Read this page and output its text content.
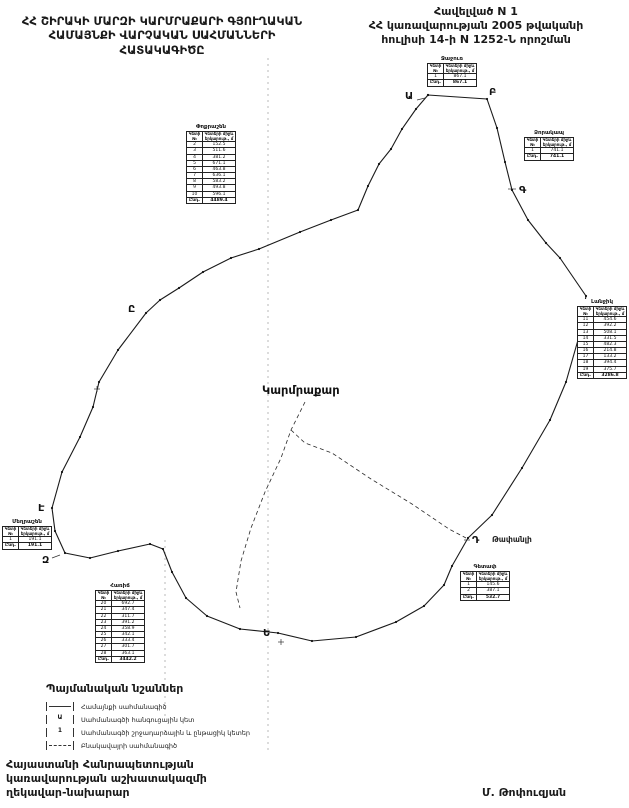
ՀՀ ՇԻՐԱԿԻ ՄԱՐԶԻ ԿԱՐՄՐԱՔԱՐԻ ԳՅՈՒՂԱԿԱՆ
ՀԱՄԱՅՆՔԻ ՎԱՐՉԱԿԱՆ ՍԱՀՄԱՆՆԵՐԻ
ՀԱՏԱԿԱԳԻԾԸ
Հավելված N 1
ՀՀ կառավարության 2005 թվականի
հուլիսի 14-ի N 1252-Ն որոշման
Ա	Բ
Գ
Դ
Ե
Զ
Է
Ը
Կարմրաքար
Թափանլի
Ջաջուռ
Կետի №	Կետերի միջև երկարութ., մ
1	867.1
Ընդ.	867.1
Փոքրաշեն
Կետի №	Կետերի միջև երկարութ., մ
2	152.5
3	511.6
4	381.2
5	671.1
6	463.8
7	636.1
8	583.2
9	493.8
10	596.1
Ընդ.	4489.4
Ձորակապ
Կետի №	Կետերի միջև երկարութ., մ
1	741.1
Ընդ.	741.1
Լանջիկ
Կետի №	Կետերի միջև երկարութ., մ
11	454.6
12	392.2
13	508.1
14	331.5
15	482.3
16	214.8
17	133.2
18	394.4
19	375.7
Ընդ.	3286.8
Մեղրաշեն
Կետի №	Կետերի միջև երկարութ., մ
1	191.1
Ընդ.	191.1
Գետափ
Կետի №	Կետերի միջև երկարութ., մ
1	145.6
2	387.1
Ընդ.	532.7
Հառիճ
Կետի №	Կետերի միջև երկարութ., մ
20	692.7
21	347.4
22	311.7
23	391.2
24	358.9
25	342.1
26	333.4
27	301.7
28	363.1
Ընդ.	3442.2
Պայմանական նշաններ
Համայնքի սահմանագիծ
Ա	Սահմանագծի հանգուցային կետ
1	Սահմանագծի շրջադարձային և ընթացիկ կետեր
Բնակավայրի սահմանագիծ
Հայաստանի Հանրապետության
կառավարության աշխատակազմի
ղեկավար-նախարար	Մ. Թոփուզյան
